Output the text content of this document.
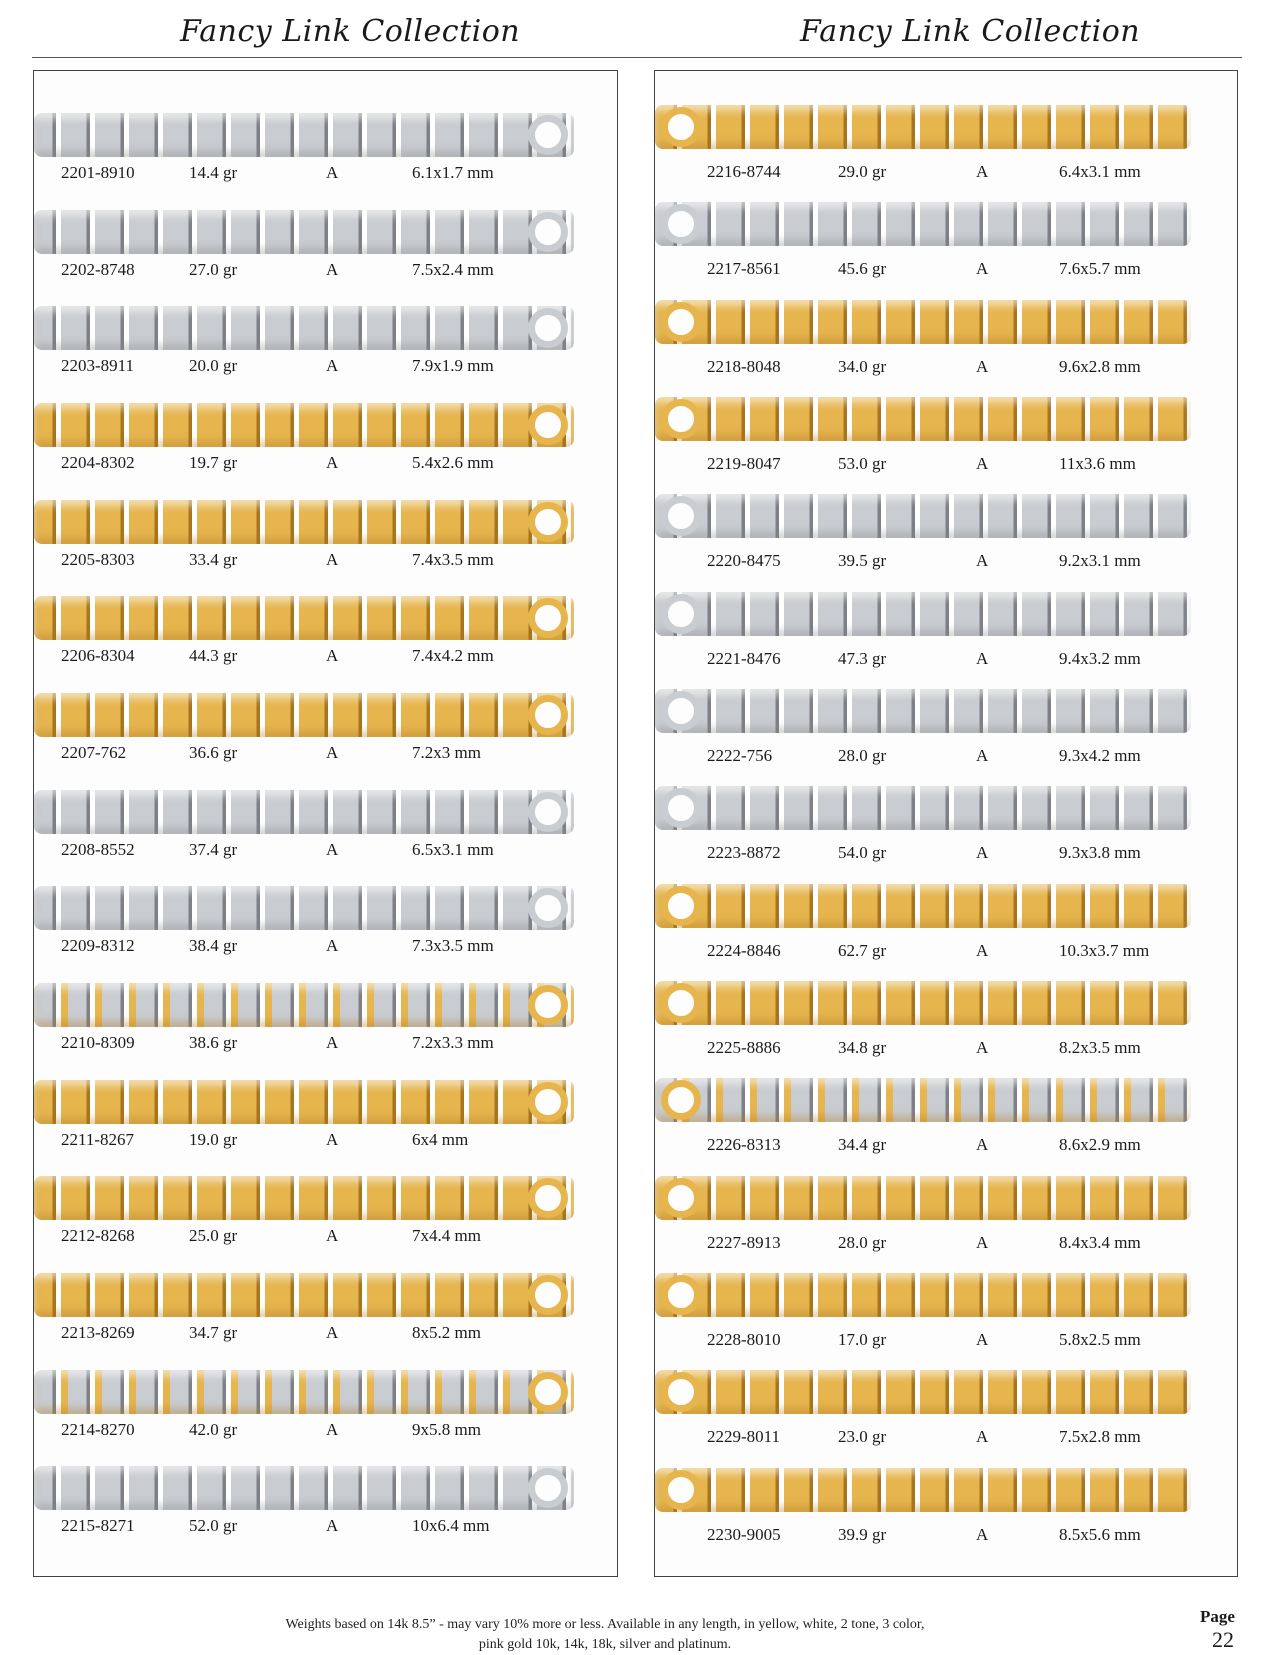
Fancy Link Collection	Fancy Link Collection
2201-8910	14.4 gr	A	6.1x1.7 mm
2202-8748	27.0 gr	A	7.5x2.4 mm
2203-8911	20.0 gr	A	7.9x1.9 mm
2204-8302	19.7 gr	A	5.4x2.6 mm
2205-8303	33.4 gr	A	7.4x3.5 mm
2206-8304	44.3 gr	A	7.4x4.2 mm
2207-762	36.6 gr	A	7.2x3 mm
2208-8552	37.4 gr	A	6.5x3.1 mm
2209-8312	38.4 gr	A	7.3x3.5 mm
2210-8309	38.6 gr	A	7.2x3.3 mm
2211-8267	19.0 gr	A	6x4 mm
2212-8268	25.0 gr	A	7x4.4 mm
2213-8269	34.7 gr	A	8x5.2 mm
2214-8270	42.0 gr	A	9x5.8 mm
2215-8271	52.0 gr	A	10x6.4 mm
2216-8744	29.0 gr	A	6.4x3.1 mm
2217-8561	45.6 gr	A	7.6x5.7 mm
2218-8048	34.0 gr	A	9.6x2.8 mm
2219-8047	53.0 gr	A	11x3.6 mm
2220-8475	39.5 gr	A	9.2x3.1 mm
2221-8476	47.3 gr	A	9.4x3.2 mm
2222-756	28.0 gr	A	9.3x4.2 mm
2223-8872	54.0 gr	A	9.3x3.8 mm
2224-8846	62.7 gr	A	10.3x3.7 mm
2225-8886	34.8 gr	A	8.2x3.5 mm
2226-8313	34.4 gr	A	8.6x2.9 mm
2227-8913	28.0 gr	A	8.4x3.4 mm
2228-8010	17.0 gr	A	5.8x2.5 mm
2229-8011	23.0 gr	A	7.5x2.8 mm
2230-9005	39.9 gr	A	8.5x5.6 mm
Weights based on 14k 8.5” - may vary 10% more or less. Available in any length, in yellow, white, 2 tone, 3 color,
pink gold 10k, 14k, 18k, silver and platinum.
Page
22
